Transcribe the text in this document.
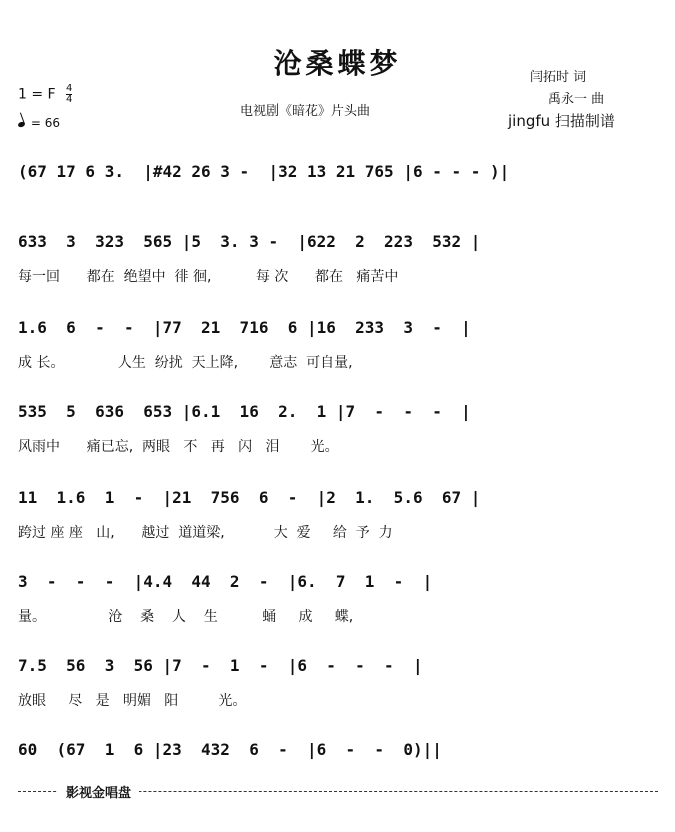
沧桑蝶梦
电视剧《暗花》片头曲
闫拓时 词
禹永一 曲
jingfu 扫描制谱
1 = F $\frac{4}{4}$
= 66
(67 17 6 3.  |#42 26 3 -  |32 13 21 765 |6 - - - )|
633  3  323  565 |5  3. 3 -  |622  2  223  532 |
每一回      都在  绝望中  徘 徊,          每 次      都在   痛苦中
1.6  6  -  -  |77  21  716  6 |16  233  3  -  |
成 长。            人生  纷扰  天上降,       意志  可自量,
535  5  636  653 |6.1  16  2.  1 |7  -  -  -  |
风雨中      痛已忘,  两眼   不   再   闪   泪       光。
11  1.6  1  -  |21  756  6  -  |2  1.  5.6  67 |
跨过 座 座   山,      越过  道道梁,           大  爱     给  予  力
3  -  -  -  |4.4  44  2  -  |6.  7  1  -  |
量。              沧    桑    人    生          蛹     成     蝶,
7.5  56  3  56 |7  -  1  -  |6  -  -  -  |
放眼     尽   是   明媚   阳         光。
60  (67  1  6 |23  432  6  -  |6  -  -  0)||
影视金唱盘
